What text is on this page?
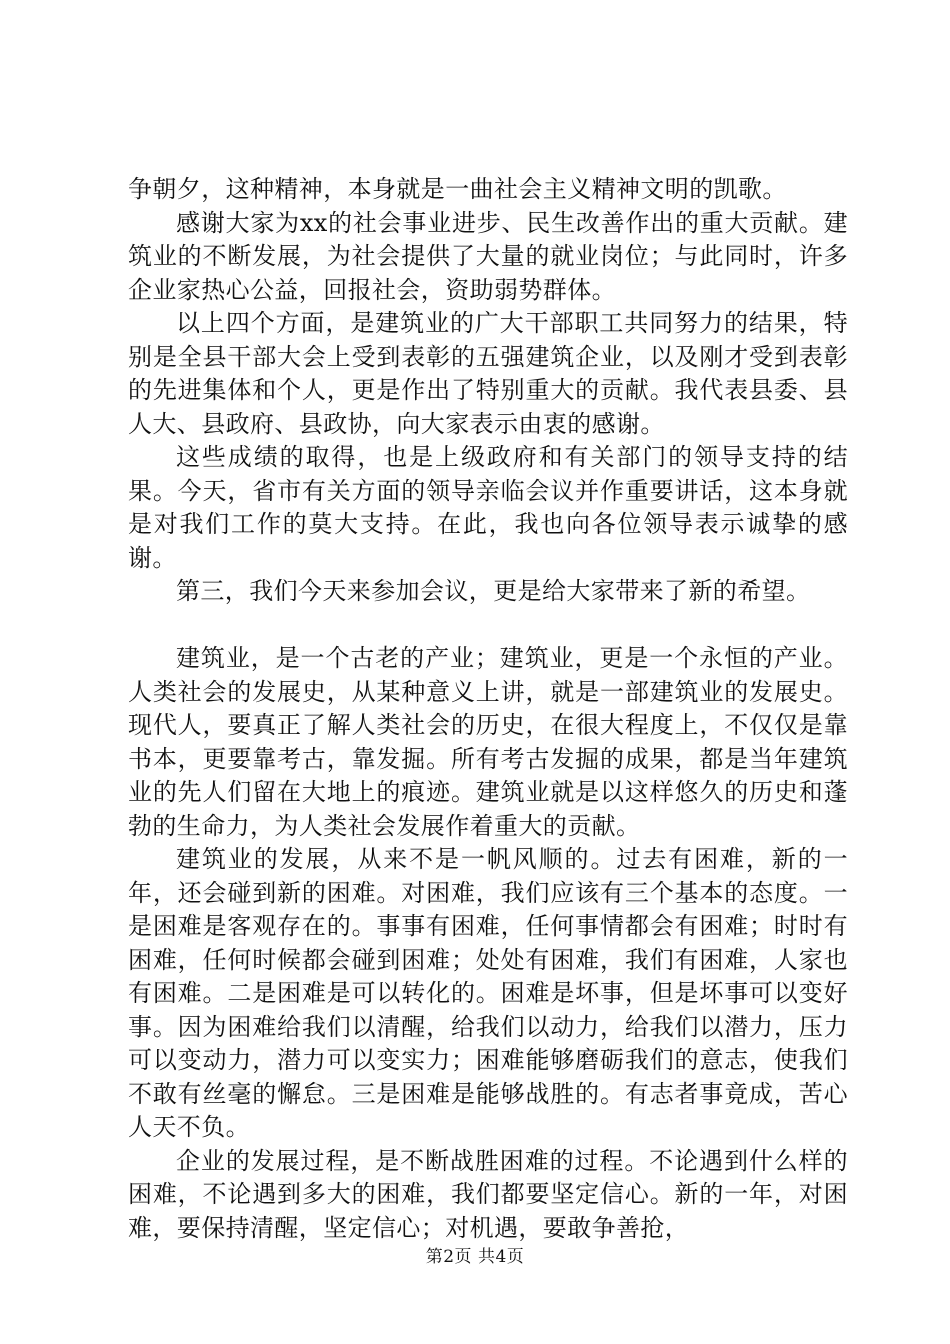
争朝夕，这种精神，本身就是一曲社会主义精神文明的凯歌。

感谢大家为xx的社会事业进步、民生改善作出的重大贡献。建筑业的不断发展，为社会提供了大量的就业岗位；与此同时，许多企业家热心公益，回报社会，资助弱势群体。

以上四个方面，是建筑业的广大干部职工共同努力的结果，特别是全县干部大会上受到表彰的五强建筑企业，以及刚才受到表彰的先进集体和个人，更是作出了特别重大的贡献。我代表县委、县人大、县政府、县政协，向大家表示由衷的感谢。

这些成绩的取得，也是上级政府和有关部门的领导支持的结果。今天，省市有关方面的领导亲临会议并作重要讲话，这本身就是对我们工作的莫大支持。在此，我也向各位领导表示诚挚的感谢。

第三，我们今天来参加会议，更是给大家带来了新的希望。

建筑业，是一个古老的产业；建筑业，更是一个永恒的产业。人类社会的发展史，从某种意义上讲，就是一部建筑业的发展史。现代人，要真正了解人类社会的历史，在很大程度上，不仅仅是靠书本，更要靠考古，靠发掘。所有考古发掘的成果，都是当年建筑业的先人们留在大地上的痕迹。建筑业就是以这样悠久的历史和蓬勃的生命力，为人类社会发展作着重大的贡献。

建筑业的发展，从来不是一帆风顺的。过去有困难，新的一年，还会碰到新的困难。对困难，我们应该有三个基本的态度。一是困难是客观存在的。事事有困难，任何事情都会有困难；时时有困难，任何时候都会碰到困难；处处有困难，我们有困难，人家也有困难。二是困难是可以转化的。困难是坏事，但是坏事可以变好事。因为困难给我们以清醒，给我们以动力，给我们以潜力，压力可以变动力，潜力可以变实力；困难能够磨砺我们的意志，使我们不敢有丝毫的懈怠。三是困难是能够战胜的。有志者事竟成，苦心人天不负。

企业的发展过程，是不断战胜困难的过程。不论遇到什么样的困难，不论遇到多大的困难，我们都要坚定信心。新的一年，对困难，要保持清醒，坚定信心；对机遇，要敢争善抢，

第2页 共4页
